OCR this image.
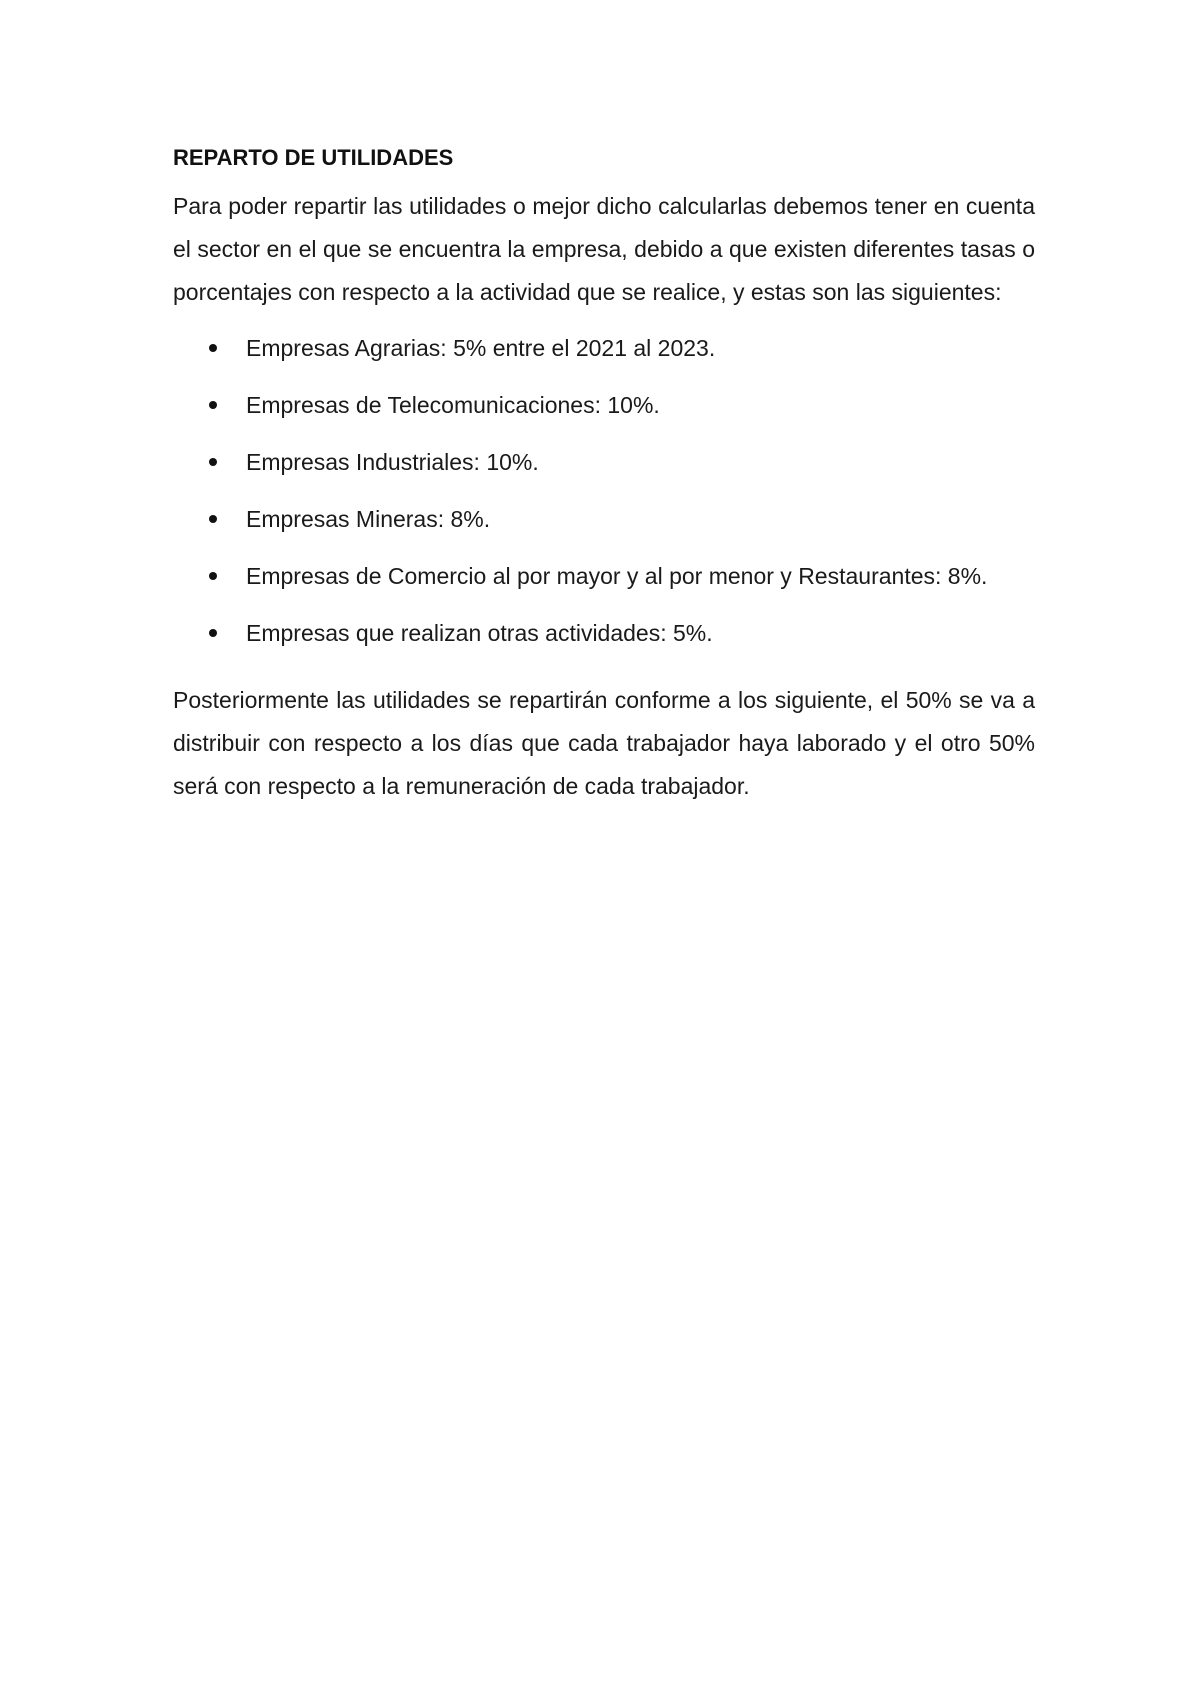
REPARTO DE UTILIDADES

Para poder repartir las utilidades o mejor dicho calcularlas debemos tener en cuenta el sector en el que se encuentra la empresa, debido a que existen diferentes tasas o porcentajes con respecto a la actividad que se realice, y estas son las siguientes:

Empresas Agrarias: 5% entre el 2021 al 2023.
Empresas de Telecomunicaciones: 10%.
Empresas Industriales: 10%.
Empresas Mineras: 8%.
Empresas de Comercio al por mayor y al por menor y Restaurantes: 8%.
Empresas que realizan otras actividades: 5%.

Posteriormente las utilidades se repartirán conforme a los siguiente, el 50% se va a distribuir con respecto a los días que cada trabajador haya laborado y el otro 50% será con respecto a la remuneración de cada trabajador.
